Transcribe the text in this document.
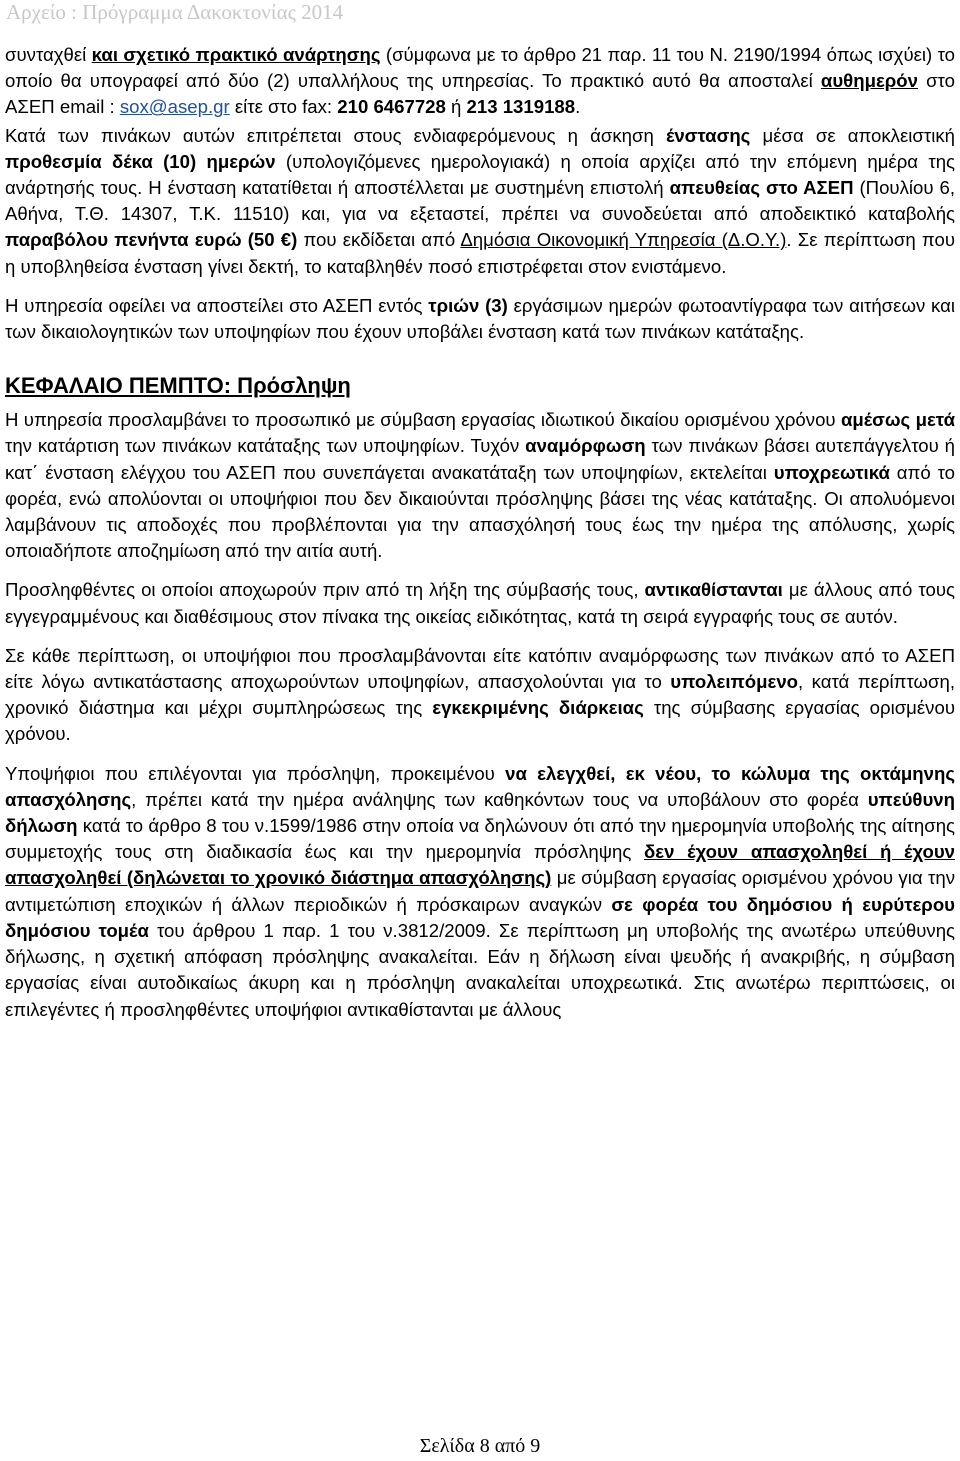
Αρχείο : Πρόγραμμα Δακοκτονίας 2014

συνταχθεί και σχετικό πρακτικό ανάρτησης (σύμφωνα με το άρθρο 21 παρ. 11 του Ν. 2190/1994 όπως ισχύει) το οποίο θα υπογραφεί από δύο (2) υπαλλήλους της υπηρεσίας. Το πρακτικό αυτό θα αποσταλεί αυθημερόν στο ΑΣΕΠ email : sox@asep.gr είτε στο fax: 210 6467728 ή 213 1319188.

Κατά των πινάκων αυτών επιτρέπεται στους ενδιαφερόμενους η άσκηση ένστασης μέσα σε αποκλειστική προθεσμία δέκα (10) ημερών (υπολογιζόμενες ημερολογιακά) η οποία αρχίζει από την επόμενη ημέρα της ανάρτησής τους. Η ένσταση κατατίθεται ή αποστέλλεται με συστημένη επιστολή απευθείας στο ΑΣΕΠ (Πουλίου 6, Αθήνα, Τ.Θ. 14307, Τ.Κ. 11510) και, για να εξεταστεί, πρέπει να συνοδεύεται από αποδεικτικό καταβολής παραβόλου πενήντα ευρώ (50 €) που εκδίδεται από Δημόσια Οικονομική Υπηρεσία (Δ.Ο.Υ.). Σε περίπτωση που η υποβληθείσα ένσταση γίνει δεκτή, το καταβληθέν ποσό επιστρέφεται στον ενιστάμενο.

Η υπηρεσία οφείλει να αποστείλει στο ΑΣΕΠ εντός τριών (3) εργάσιμων ημερών φωτοαντίγραφα των αιτήσεων και των δικαιολογητικών των υποψηφίων που έχουν υποβάλει ένσταση κατά των πινάκων κατάταξης.

ΚΕΦΑΛΑΙΟ ΠΕΜΠΤΟ: Πρόσληψη

Η υπηρεσία προσλαμβάνει το προσωπικό με σύμβαση εργασίας ιδιωτικού δικαίου ορισμένου χρόνου αμέσως μετά την κατάρτιση των πινάκων κατάταξης των υποψηφίων. Τυχόν αναμόρφωση των πινάκων βάσει αυτεπάγγελτου ή κατ΄ ένσταση ελέγχου του ΑΣΕΠ που συνεπάγεται ανακατάταξη των υποψηφίων, εκτελείται υποχρεωτικά από το φορέα, ενώ απολύονται οι υποψήφιοι που δεν δικαιούνται πρόσληψης βάσει της νέας κατάταξης. Οι απολυόμενοι λαμβάνουν τις αποδοχές που προβλέπονται για την απασχόλησή τους έως την ημέρα της απόλυσης, χωρίς οποιαδήποτε αποζημίωση από την αιτία αυτή.

Προσληφθέντες οι οποίοι αποχωρούν πριν από τη λήξη της σύμβασής τους, αντικαθίστανται με άλλους από τους εγγεγραμμένους και διαθέσιμους στον πίνακα της οικείας ειδικότητας, κατά τη σειρά εγγραφής τους σε αυτόν.

Σε κάθε περίπτωση, οι υποψήφιοι που προσλαμβάνονται είτε κατόπιν αναμόρφωσης των πινάκων από το ΑΣΕΠ είτε λόγω αντικατάστασης αποχωρούντων υποψηφίων, απασχολούνται για το υπολειπόμενο, κατά περίπτωση, χρονικό διάστημα και μέχρι συμπληρώσεως της εγκεκριμένης διάρκειας της σύμβασης εργασίας ορισμένου χρόνου.

Υποψήφιοι που επιλέγονται για πρόσληψη, προκειμένου να ελεγχθεί, εκ νέου, το κώλυμα της οκτάμηνης απασχόλησης, πρέπει κατά την ημέρα ανάληψης των καθηκόντων τους να υποβάλουν στο φορέα υπεύθυνη δήλωση κατά το άρθρο 8 του ν.1599/1986 στην οποία να δηλώνουν ότι από την ημερομηνία υποβολής της αίτησης συμμετοχής τους στη διαδικασία έως και την ημερομηνία πρόσληψης δεν έχουν απασχοληθεί ή έχουν απασχοληθεί (δηλώνεται το χρονικό διάστημα απασχόλησης) με σύμβαση εργασίας ορισμένου χρόνου για την αντιμετώπιση εποχικών ή άλλων περιοδικών ή πρόσκαιρων αναγκών σε φορέα του δημόσιου ή ευρύτερου δημόσιου τομέα του άρθρου 1 παρ. 1 του ν.3812/2009. Σε περίπτωση μη υποβολής της ανωτέρω υπεύθυνης δήλωσης, η σχετική απόφαση πρόσληψης ανακαλείται. Εάν η δήλωση είναι ψευδής ή ανακριβής, η σύμβαση εργασίας είναι αυτοδικαίως άκυρη και η πρόσληψη ανακαλείται υποχρεωτικά. Στις ανωτέρω περιπτώσεις, οι επιλεγέντες ή προσληφθέντες υποψήφιοι αντικαθίστανται με άλλους

Σελίδα 8 από 9
